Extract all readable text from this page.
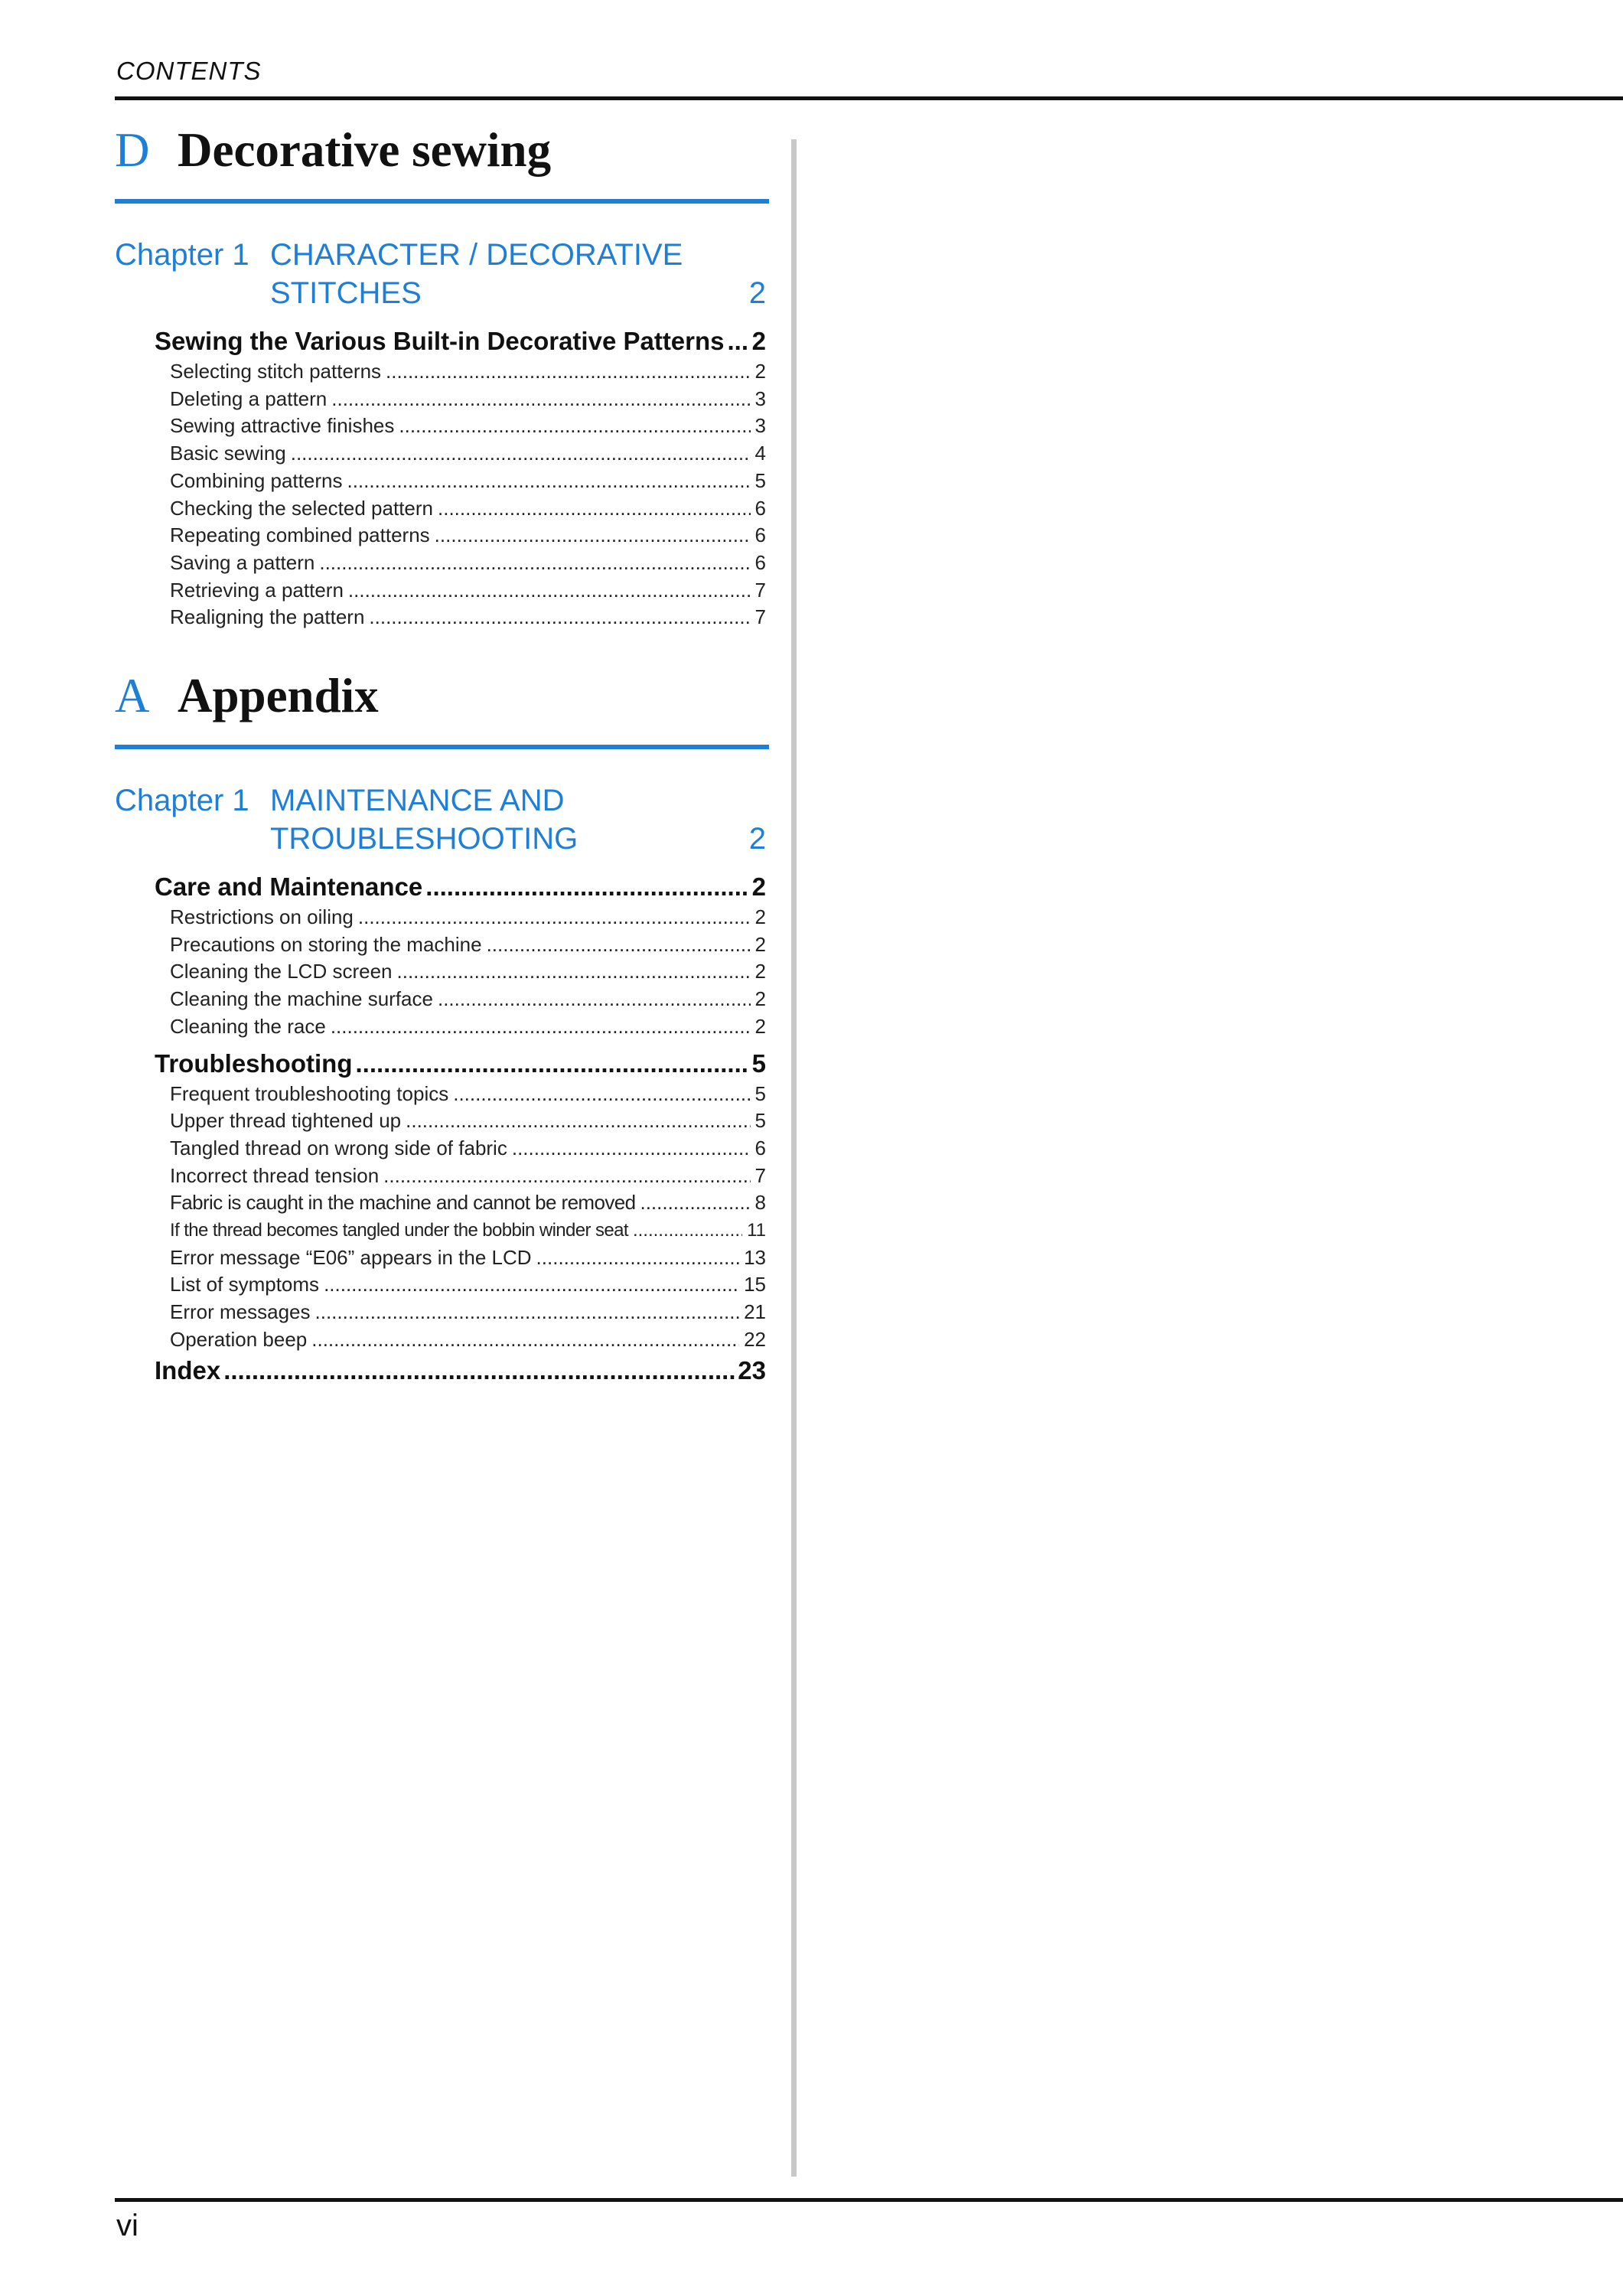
CONTENTS
D Decorative sewing
Chapter 1 CHARACTER / DECORATIVE
STITCHES	2
Sewing the Various Built-in Decorative Patterns ..... 2
Selecting stitch patterns .....	2
Deleting a pattern .....	3
Sewing attractive finishes .....	3
Basic sewing .....	4
Combining patterns .....	5
Checking the selected pattern .....	6
Repeating combined patterns .....	6
Saving a pattern .....	6
Retrieving a pattern .....	7
Realigning the pattern .....	7
A Appendix
Chapter 1 MAINTENANCE AND
TROUBLESHOOTING	2
Care and Maintenance .....	2
Restrictions on oiling .....	2
Precautions on storing the machine .....	2
Cleaning the LCD screen .....	2
Cleaning the machine surface .....	2
Cleaning the race .....	2
Troubleshooting .....	5
Frequent troubleshooting topics .....	5
Upper thread tightened up .....	5
Tangled thread on wrong side of fabric .....	6
Incorrect thread tension .....	7
Fabric is caught in the machine and cannot be removed .....	8
If the thread becomes tangled under the bobbin winder seat .....	11
Error message “E06” appears in the LCD .....	13
List of symptoms .....	15
Error messages .....	21
Operation beep .....	22
Index .....	23
vi
